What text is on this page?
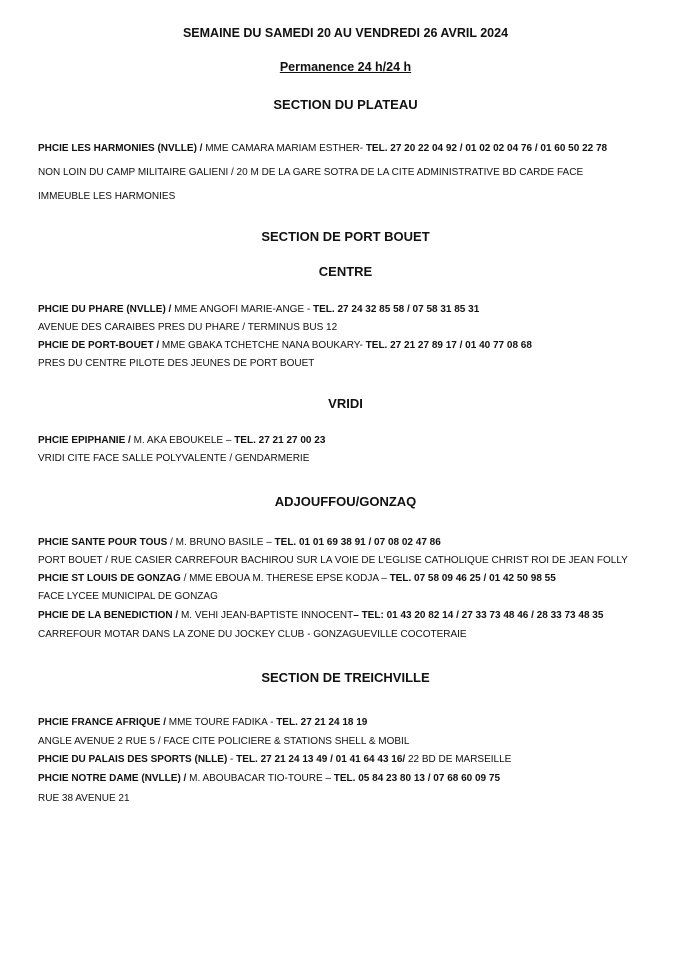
SEMAINE DU SAMEDI 20 AU VENDREDI 26 AVRIL 2024
Permanence 24 h/24 h
SECTION DU PLATEAU
PHCIE LES HARMONIES (NVLLE) / MME CAMARA MARIAM ESTHER- TEL. 27 20 22 04 92 / 01 02 02 04 76 / 01 60 50 22 78
NON LOIN DU CAMP MILITAIRE GALIENI / 20 M DE LA GARE SOTRA DE LA CITE ADMINISTRATIVE BD CARDE FACE
IMMEUBLE LES HARMONIES
SECTION DE PORT BOUET
CENTRE
PHCIE DU PHARE (NVLLE) / MME ANGOFI MARIE-ANGE - TEL. 27 24 32 85 58 / 07 58 31 85 31
AVENUE DES CARAIBES PRES DU PHARE / TERMINUS BUS 12
PHCIE DE PORT-BOUET / MME GBAKA TCHETCHE NANA BOUKARY- TEL. 27 21 27 89 17 / 01 40 77 08 68
PRES DU CENTRE PILOTE DES JEUNES DE PORT BOUET
VRIDI
PHCIE EPIPHANIE / M. AKA EBOUKELE – TEL. 27 21 27 00 23
VRIDI CITE FACE SALLE POLYVALENTE / GENDARMERIE
ADJOUFFOU/GONZAQ
PHCIE SANTE POUR TOUS / M. BRUNO BASILE – TEL. 01 01 69 38 91 / 07 08 02 47 86
PORT BOUET / RUE CASIER CARREFOUR BACHIROU SUR LA VOIE DE L'EGLISE CATHOLIQUE CHRIST ROI DE JEAN FOLLY
PHCIE ST LOUIS DE GONZAG / MME EBOUA M. THERESE EPSE KODJA – TEL. 07 58 09 46 25 / 01 42 50 98 55
FACE LYCEE MUNICIPAL DE GONZAG
PHCIE DE LA BENEDICTION / M. VEHI JEAN-BAPTISTE INNOCENT– TEL: 01 43 20 82 14 / 27 33 73 48 46 / 28 33 73 48 35
CARREFOUR MOTAR DANS LA ZONE DU JOCKEY CLUB - GONZAGUEVILLE COCOTERAIE
SECTION DE TREICHVILLE
PHCIE FRANCE AFRIQUE / MME TOURE FADIKA - TEL. 27 21 24 18 19
ANGLE AVENUE 2 RUE 5 / FACE CITE POLICIERE & STATIONS SHELL & MOBIL
PHCIE DU PALAIS DES SPORTS (NLLE) - TEL. 27 21 24 13 49 / 01 41 64 43 16/ 22 BD DE MARSEILLE
PHCIE NOTRE DAME (NVLLE) / M. ABOUBACAR TIO-TOURE – TEL. 05 84 23 80 13 / 07 68 60 09 75
RUE 38 AVENUE 21
